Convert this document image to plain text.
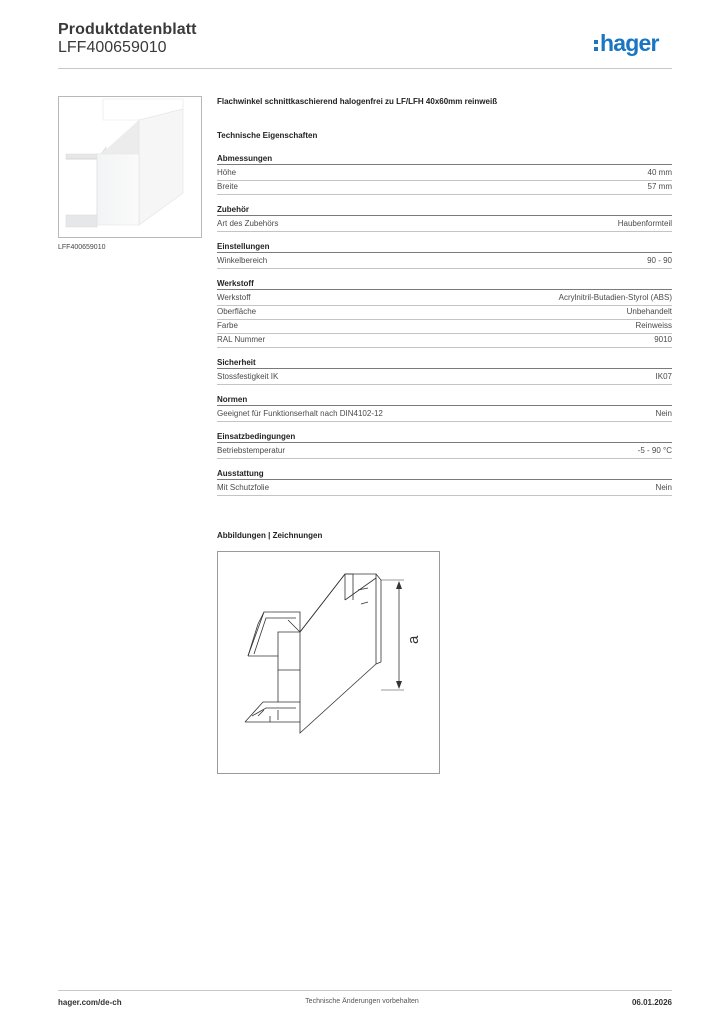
Produktdatenblatt
LFF400659010	hager
LFF400659010
Flachwinkel schnittkaschierend halogenfrei zu LF/LFH 40x60mm reinweiß
Technische Eigenschaften
Abmessungen
Höhe	40 mm
Breite	57 mm
Zubehör
Art des Zubehörs	Haubenformteil
Einstellungen
Winkelbereich	90 - 90
Werkstoff
Werkstoff	Acrylnitril-Butadien-Styrol (ABS)
Oberfläche	Unbehandelt
Farbe	Reinweiss
RAL Nummer	9010
Sicherheit
Stossfestigkeit IK	IK07
Normen
Geeignet für Funktionserhalt nach DIN4102-12	Nein
Einsatzbedingungen
Betriebstemperatur	-5 - 90 °C
Ausstattung
Mit Schutzfolie	Nein
Abbildungen | Zeichnungen
a
hager.com/de-ch	Technische Änderungen vorbehalten	06.01.2026
